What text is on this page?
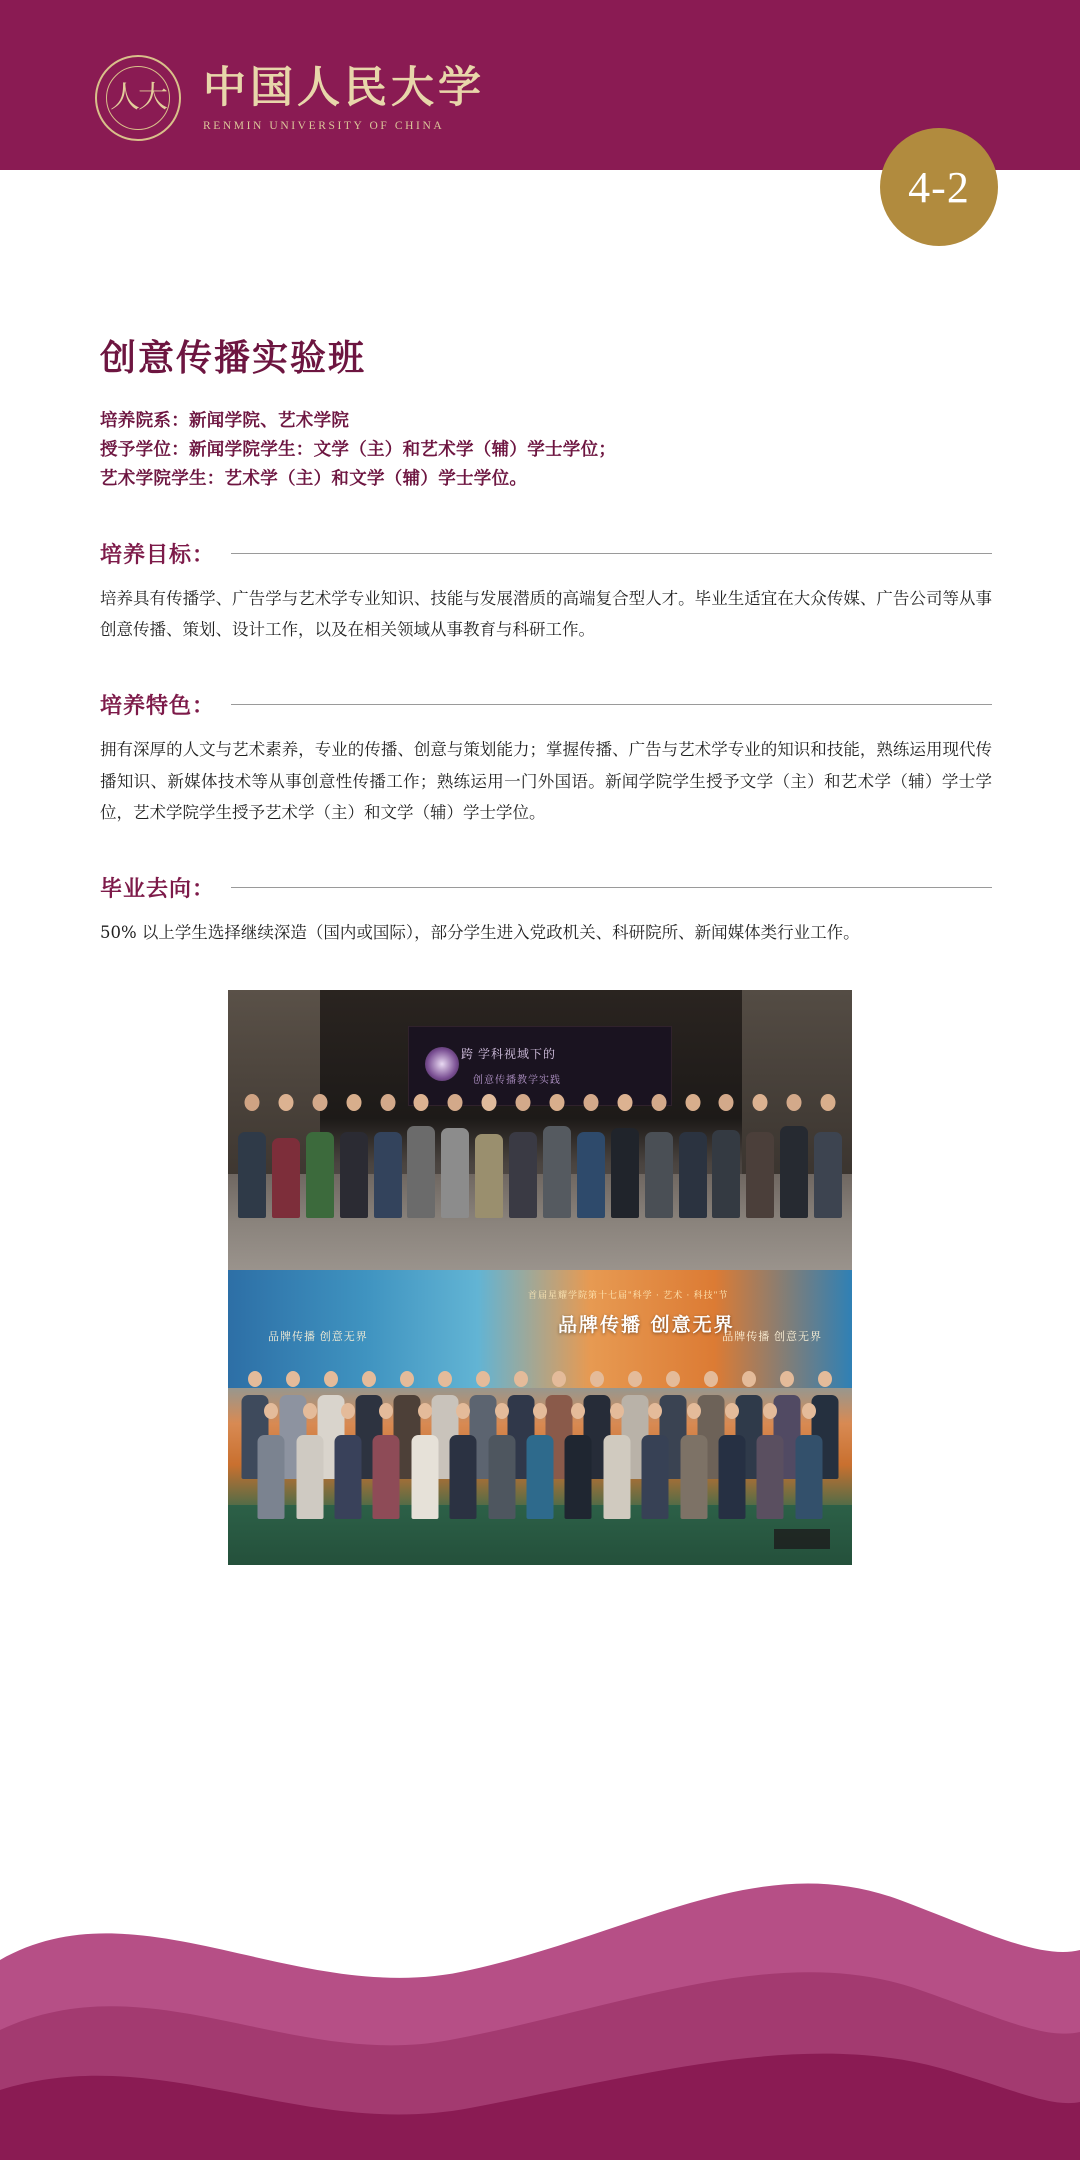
人大 中国人民大学
RENMIN UNIVERSITY OF CHINA
4-2
创意传播实验班
培养院系：新闻学院、艺术学院
授予学位：新闻学院学生：文学（主）和艺术学（辅）学士学位；
艺术学院学生：艺术学（主）和文学（辅）学士学位。
培养目标：
培养具有传播学、广告学与艺术学专业知识、技能与发展潜质的高端复合型人才。毕业生适宜在大众传媒、广告公司等从事创意传播、策划、设计工作，以及在相关领域从事教育与科研工作。
培养特色：
拥有深厚的人文与艺术素养，专业的传播、创意与策划能力；掌握传播、广告与艺术学专业的知识和技能，熟练运用现代传播知识、新媒体技术等从事创意性传播工作；熟练运用一门外国语。新闻学院学生授予文学（主）和艺术学（辅）学士学位，艺术学院学生授予艺术学（主）和文学（辅）学士学位。
毕业去向：
50% 以上学生选择继续深造（国内或国际），部分学生进入党政机关、科研院所、新闻媒体类行业工作。
跨 学科视域下的
创意传播教学实践
首届星耀学院第十七届"科学 · 艺术 · 科技"节
品牌传播 创意无界
品牌传播 创意无界	品牌传播 创意无界
